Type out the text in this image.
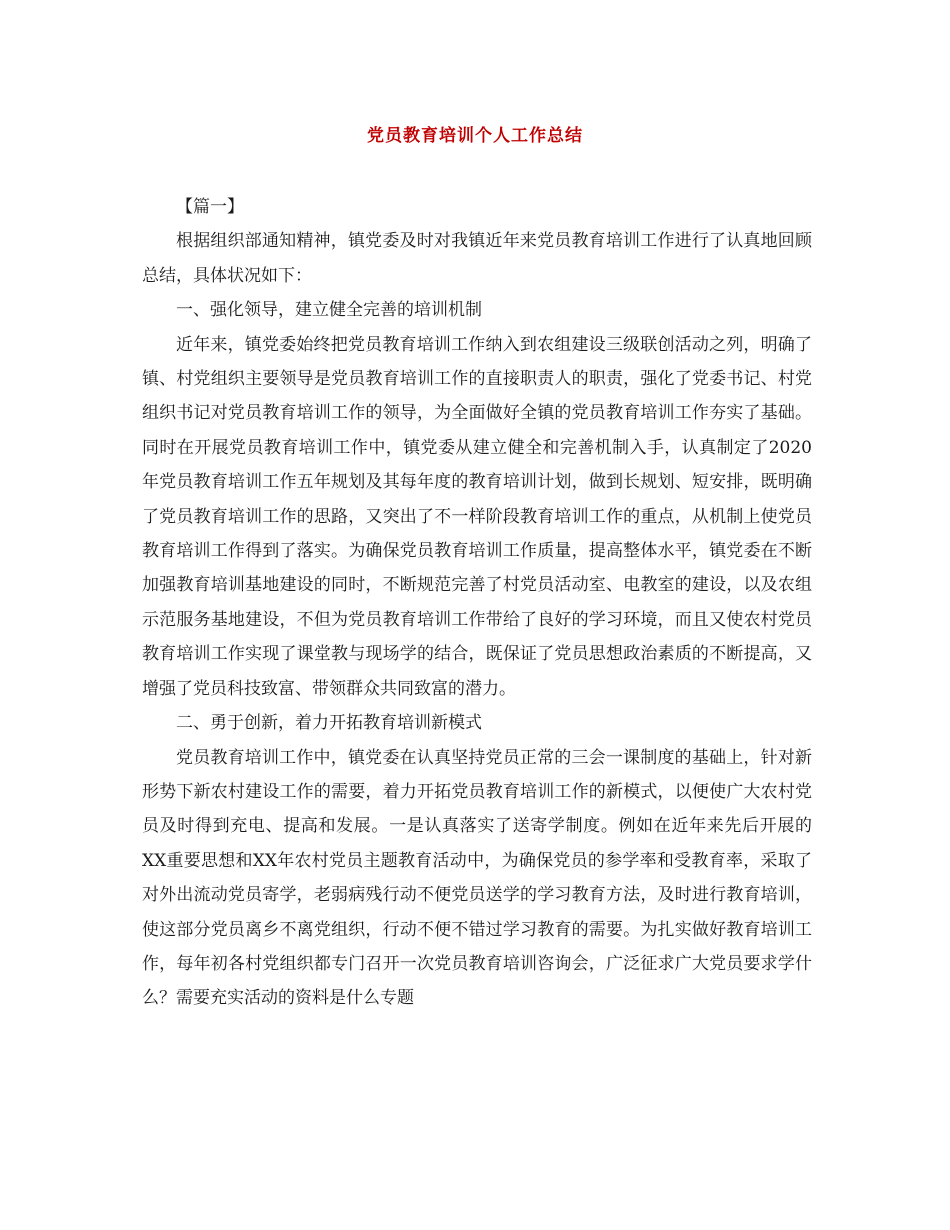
党员教育培训个人工作总结

【篇一】

根据组织部通知精神，镇党委及时对我镇近年来党员教育培训工作进行了认真地回顾总结，具体状况如下：

一、强化领导，建立健全完善的培训机制

近年来，镇党委始终把党员教育培训工作纳入到农组建设三级联创活动之列，明确了镇、村党组织主要领导是党员教育培训工作的直接职责人的职责，强化了党委书记、村党组织书记对党员教育培训工作的领导，为全面做好全镇的党员教育培训工作夯实了基础。同时在开展党员教育培训工作中，镇党委从建立健全和完善机制入手，认真制定了2020年党员教育培训工作五年规划及其每年度的教育培训计划，做到长规划、短安排，既明确了党员教育培训工作的思路，又突出了不一样阶段教育培训工作的重点，从机制上使党员教育培训工作得到了落实。为确保党员教育培训工作质量，提高整体水平，镇党委在不断加强教育培训基地建设的同时，不断规范完善了村党员活动室、电教室的建设，以及农组示范服务基地建设，不但为党员教育培训工作带给了良好的学习环境，而且又使农村党员教育培训工作实现了课堂教与现场学的结合，既保证了党员思想政治素质的不断提高，又增强了党员科技致富、带领群众共同致富的潜力。

二、勇于创新，着力开拓教育培训新模式

党员教育培训工作中，镇党委在认真坚持党员正常的三会一课制度的基础上，针对新形势下新农村建设工作的需要，着力开拓党员教育培训工作的新模式，以便使广大农村党员及时得到充电、提高和发展。一是认真落实了送寄学制度。例如在近年来先后开展的XX重要思想和XX年农村党员主题教育活动中，为确保党员的参学率和受教育率，采取了对外出流动党员寄学，老弱病残行动不便党员送学的学习教育方法，及时进行教育培训，使这部分党员离乡不离党组织，行动不便不错过学习教育的需要。为扎实做好教育培训工作，每年初各村党组织都专门召开一次党员教育培训咨询会，广泛征求广大党员要求学什么？需要充实活动的资料是什么专题
